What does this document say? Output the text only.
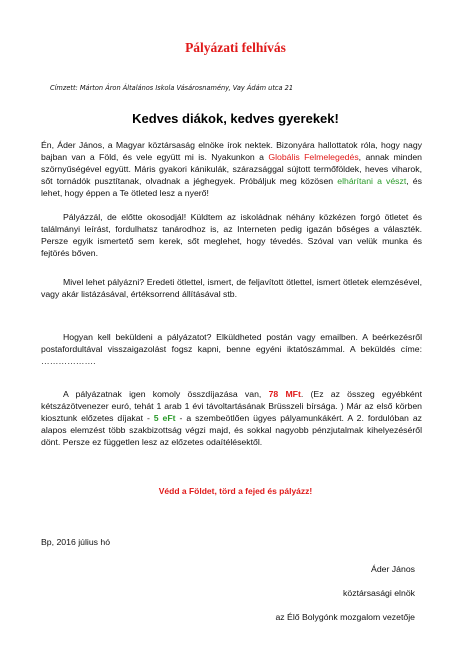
Pályázati felhívás
Címzett: Márton Áron Általános Iskola Vásárosnamény, Vay Ádám utca 21
Kedves diákok, kedves gyerekek!
Én, Áder János, a Magyar köztársaság elnöke írok nektek. Bizonyára hallottatok róla, hogy nagy bajban van a Föld, és vele együtt mi is. Nyakunkon a Globális Felmelegedés, annak minden szörnyűségével együtt. Máris gyakori kánikulák, szárazsággal sújtott termőföldek, heves viharok, sőt tornádók pusztítanak, olvadnak a jéghegyek. Próbáljuk meg közösen elhárítani a vészt, és lehet, hogy éppen a Te ötleted lesz a nyerő!
Pályázzál, de előtte okosodjál! Küldtem az iskoládnak néhány közkézen forgó ötletet és találmányi leírást, fordulhatsz tanárodhoz is, az Interneten pedig igazán bőséges a választék. Persze egyik ismertető sem kerek, sőt meglehet, hogy tévedés. Szóval van velük munka és fejtörés bőven.
Mivel lehet pályázni? Eredeti ötlettel, ismert, de feljavított ötlettel, ismert ötletek elemzésével, vagy akár listázásával, értéksorrend állításával stb.
Hogyan kell beküldeni a pályázatot? Elküldheted postán vagy emailben. A beérkezésről postafordultával visszaigazolást fogsz kapni, benne egyéni iktatószámmal. A beküldés címe: ……………….
A pályázatnak igen komoly összdíjazása van, 78 MFt. (Ez az összeg egyébként kétszázötvenezer euró, tehát 1 arab 1 évi távoltartásának Brüsszeli bírsága. ) Már az első körben kiosztunk előzetes díjakat - 5 eFt - a szembeötlően ügyes pályamunkákért. A 2. fordulóban az alapos elemzést több szakbizottság végzi majd, és sokkal nagyobb pénzjutalmak kihelyezéséről dönt. Persze ez független lesz az előzetes odaítélésektől.
Védd a Földet, törd a fejed és pályázz!
Bp, 2016 július hó
Áder János
köztársasági elnök
az Élő Bolygónk mozgalom vezetője
